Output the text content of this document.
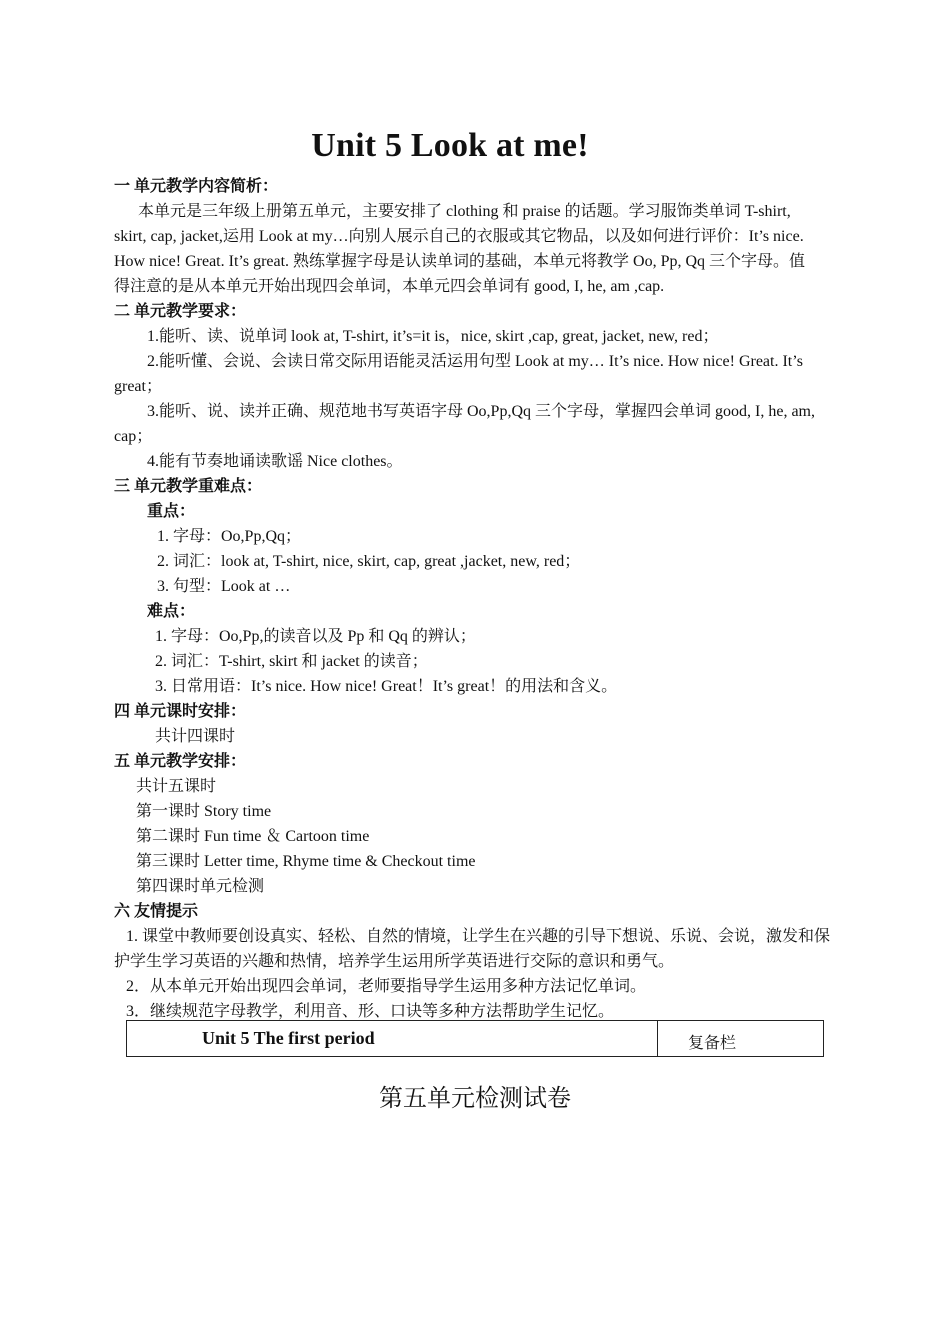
Unit 5 Look at me!
一 单元教学内容简析：
本单元是三年级上册第五单元，主要安排了 clothing 和 praise 的话题。学习服饰类单词 T-shirt,
skirt, cap, jacket,运用 Look at my…向别人展示自己的衣服或其它物品，以及如何进行评价：It’s nice.
How nice! Great. It’s great. 熟练掌握字母是认读单词的基础，本单元将教学 Oo, Pp, Qq 三个字母。值
得注意的是从本单元开始出现四会单词，本单元四会单词有 good, I, he, am ,cap.
二 单元教学要求：
1.能听、读、说单词 look at, T-shirt, it’s=it is，nice, skirt ,cap, great, jacket, new, red；
2.能听懂、会说、会读日常交际用语能灵活运用句型 Look at my… It’s nice. How nice! Great. It’s
great；
3.能听、说、读并正确、规范地书写英语字母 Oo,Pp,Qq 三个字母，掌握四会单词 good, I, he, am,
cap；
4.能有节奏地诵读歌谣 Nice clothes。
三 单元教学重难点：
重点：
1. 字母：Oo,Pp,Qq；
2. 词汇：look at, T-shirt, nice, skirt, cap, great ,jacket, new, red；
3. 句型：Look at …
难点：
1. 字母：Oo,Pp,的读音以及 Pp 和 Qq 的辨认；
2. 词汇：T-shirt, skirt 和 jacket 的读音；
3. 日常用语：It’s nice. How nice! Great！It’s great！的用法和含义。
四 单元课时安排：
共计四课时
五 单元教学安排：
共计五课时
第一课时 Story time
第二课时 Fun time ＆ Cartoon time
第三课时 Letter time, Rhyme time & Checkout time
第四课时单元检测
六 友情提示
1. 课堂中教师要创设真实、轻松、自然的情境，让学生在兴趣的引导下想说、乐说、会说，激发和保
护学生学习英语的兴趣和热情，培养学生运用所学英语进行交际的意识和勇气。
2．从本单元开始出现四会单词，老师要指导学生运用多种方法记忆单词。
3．继续规范字母教学，利用音、形、口诀等多种方法帮助学生记忆。
Unit 5 The first period	复备栏
第五单元检测试卷
